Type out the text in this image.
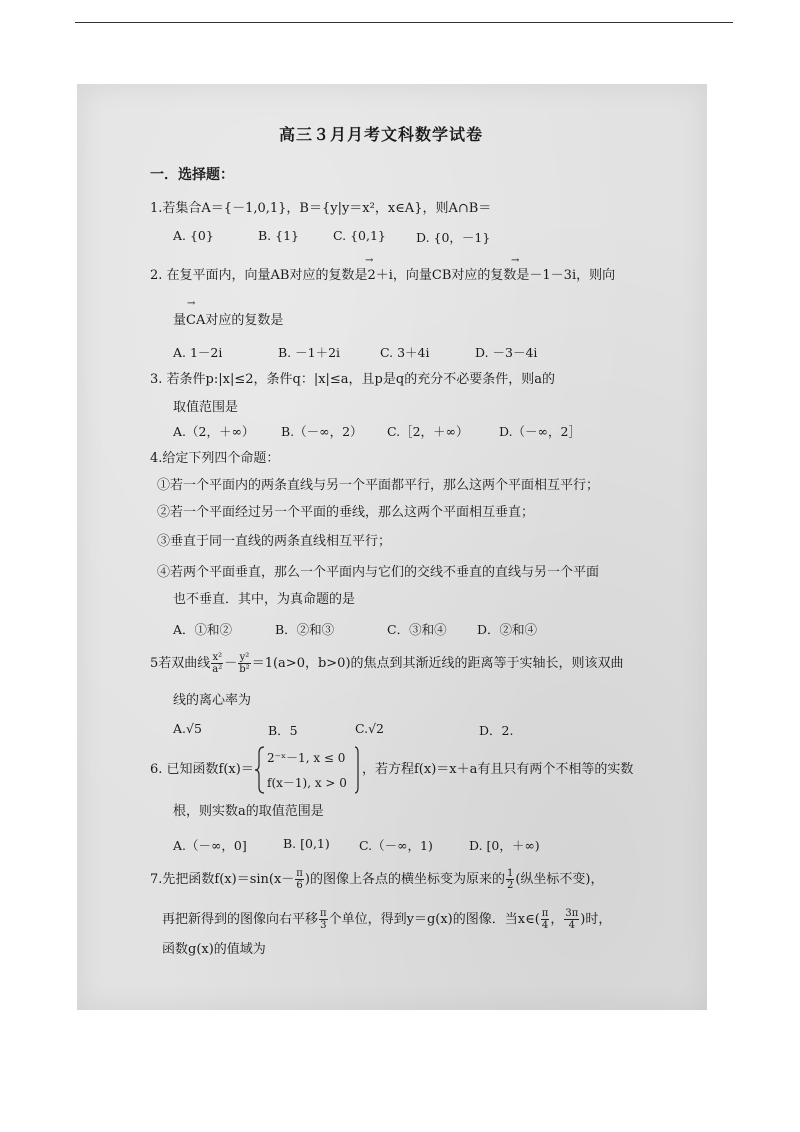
高三３月月考文科数学试卷
一．选择题：
1.若集合A＝{－1,0,1}，B＝{y|y＝x²，x∈A}，则A∩B＝
A. {0}	B. {1}	C. {0,1} D. {0，－1}
→	→
2. 在复平面内，向量AB对应的复数是2＋i，向量CB对应的复数是－1－3i，则向
→
量CA对应的复数是
A. 1－2i	B. －1＋2i	C. 3＋4i	D. －3－4i
3. 若条件p:|x|≤2，条件q：|x|≤a，且p是q的充分不必要条件，则a的
取值范围是
A.（2，＋∞） B.（－∞，2） C.［2，＋∞） D.（－∞，2］
4.给定下列四个命题：
①若一个平面内的两条直线与另一个平面都平行，那么这两个平面相互平行；
②若一个平面经过另一个平面的垂线，那么这两个平面相互垂直；
③垂直于同一直线的两条直线相互平行；
④若两个平面垂直，那么一个平面内与它们的交线不垂直的直线与另一个平面
也不垂直．其中，为真命题的是
A．①和②	B．②和③	C．③和④ D．②和④
5若双曲线 $\frac{\text{x²}}{\text{a²}} - \frac{\text{y²}}{\text{b²}} =1(a>0$，b>0)的焦点到其渐近线的距离等于实轴长，则该双曲
线的离心率为
A.√5	B．5	C.√2	D．2.
6. 已知函数f(x)＝
2⁻ˣ－1, x ≤ 0
f(x－1), x > 0
，若方程f(x)＝x＋a有且只有两个不相等的实数
根，则实数a的取值范围是
A.（－∞，0]	B. [0,1) C.（－∞，1)	D. [0，＋∞)
7.先把函数$f(x)=\sin(x- \frac{\pi}{6}$ )的图像上各点的横坐标变为原来的 $\frac{1}{2}$ (纵坐标不变)，
再把新得到的图像向右平移 $\frac{\pi}{3}$ 个单位，得到y＝g(x)的图像．当x∈( $\frac{\pi}{4}$ ， $\frac{3\pi}{4}$ )时，
函数g(x)的值域为
